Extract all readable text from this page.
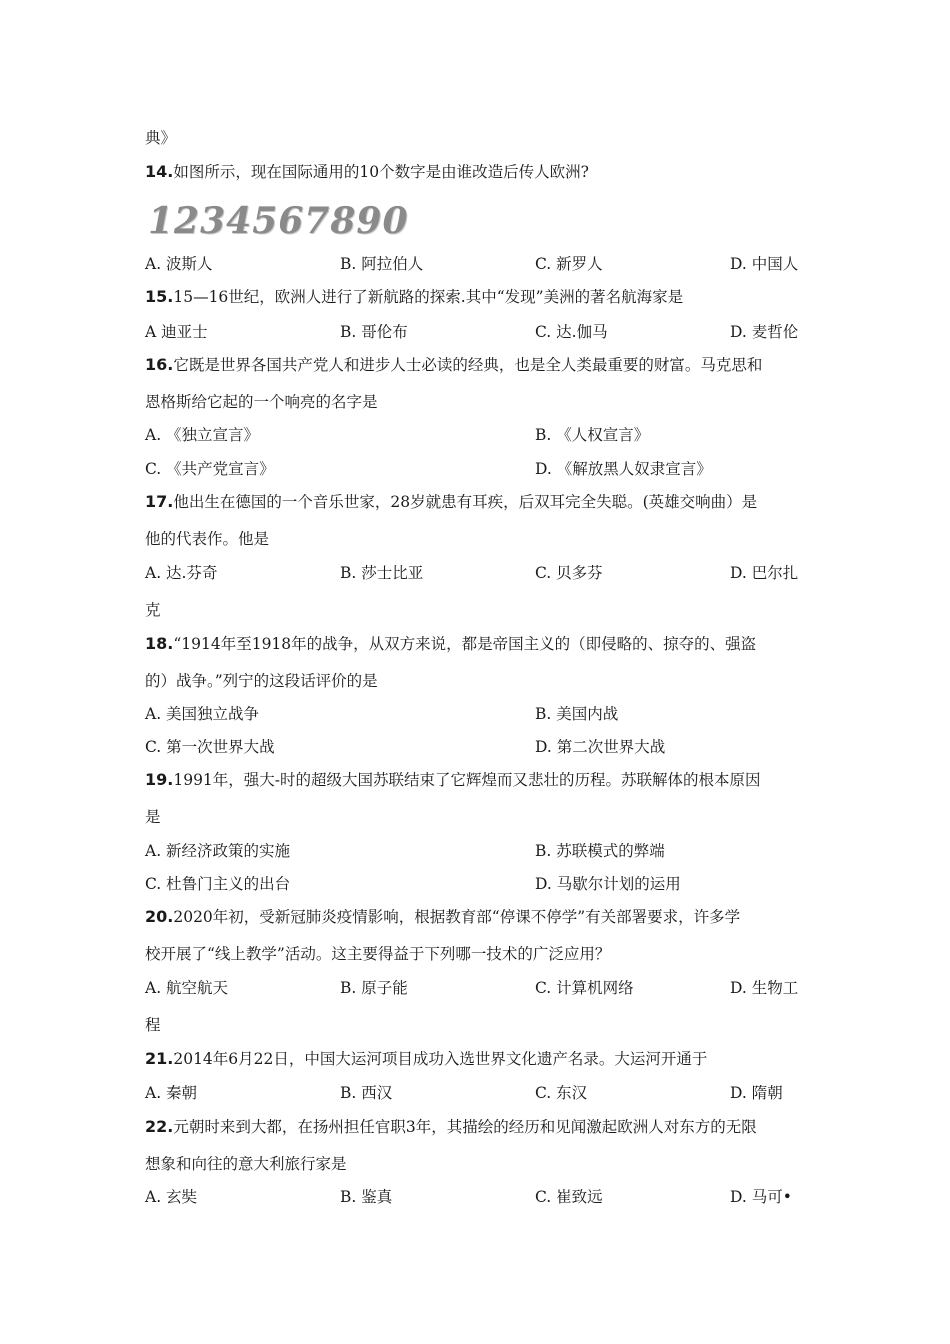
典》
14.如图所示，现在国际通用的10个数字是由谁改造后传人欧洲?
1234567890
A. 波斯人	B. 阿拉伯人	C. 新罗人	D. 中国人
15.15—16世纪，欧洲人进行了新航路的探索.其中“发现”美洲的著名航海家是
A 迪亚士	B. 哥伦布	C. 达.伽马	D. 麦哲伦
16.它既是世界各国共产党人和进步人士必读的经典，也是全人类最重要的财富。马克思和
恩格斯给它起的一个响亮的名字是
A. 《独立宣言》	B. 《人权宣言》
C. 《共产党宣言》	D. 《解放黑人奴隶宣言》
17.他出生在德国的一个音乐世家，28岁就患有耳疾，后双耳完全失聪。(英雄交响曲）是
他的代表作。他是
A. 达.芬奇	B. 莎士比亚	C. 贝多芬	D. 巴尔扎
克
18.“1914年至1918年的战争，从双方来说，都是帝国主义的（即侵略的、掠夺的、强盗
的）战争。”列宁的这段话评价的是
A. 美国独立战争	B. 美国内战
C. 第一次世界大战	D. 第二次世界大战
19.1991年，强大-时的超级大国苏联结束了它辉煌而又悲壮的历程。苏联解体的根本原因
是
A. 新经济政策的实施	B. 苏联模式的弊端
C. 杜鲁门主义的出台	D. 马歇尔计划的运用
20.2020年初，受新冠肺炎疫情影响，根据教育部“停课不停学”有关部署要求，许多学
校开展了“线上教学”活动。这主要得益于下列哪一技术的广泛应用？
A. 航空航天	B. 原子能	C. 计算机网络	D. 生物工
程
21.2014年6月22日，中国大运河项目成功入选世界文化遗产名录。大运河开通于
A. 秦朝	B. 西汉	C. 东汉	D. 隋朝
22.元朝时来到大都，在扬州担任官职3年，其描绘的经历和见闻激起欧洲人对东方的无限
想象和向往的意大利旅行家是
A. 玄奘	B. 鉴真	C. 崔致远	D. 马可•
